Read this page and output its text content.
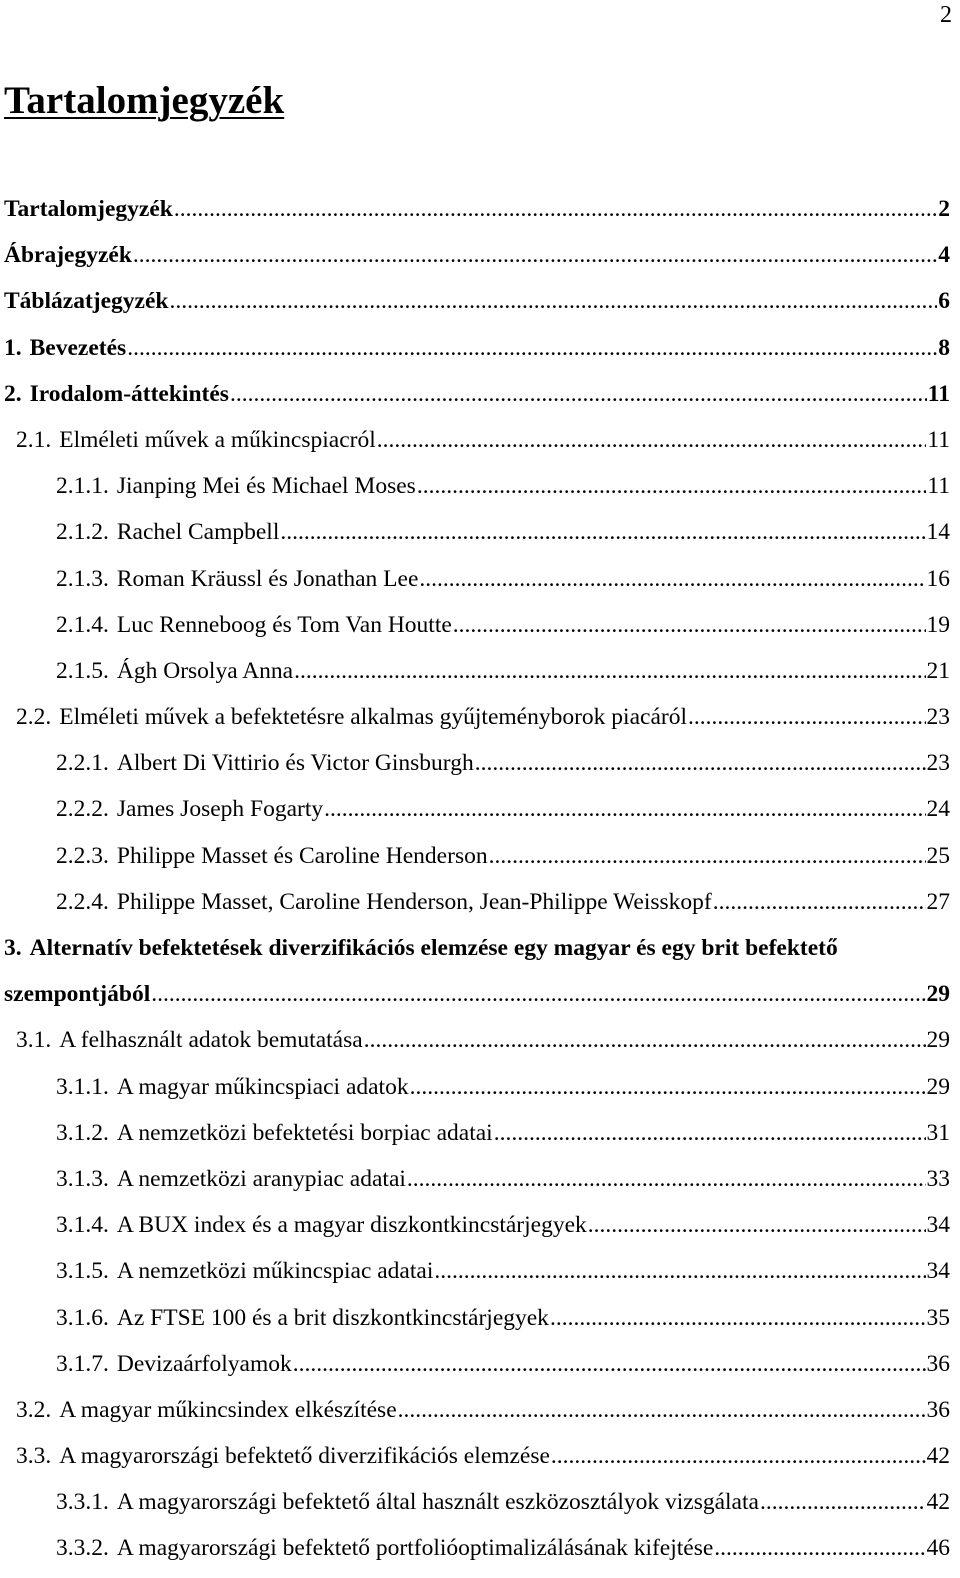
2
Tartalomjegyzék
Tartalomjegyzék .....	2
Ábrajegyzék .....	4
Táblázatjegyzék .....	6
1. Bevezetés .....	8
2. Irodalom-áttekintés .....	11
2.1. Elméleti művek a műkincspiacról .....	11
2.1.1. Jianping Mei és Michael Moses .....	11
2.1.2. Rachel Campbell .....	14
2.1.3. Roman Kräussl és Jonathan Lee .....	16
2.1.4. Luc Renneboog és Tom Van Houtte .....	19
2.1.5. Ágh Orsolya Anna .....	21
2.2. Elméleti művek a befektetésre alkalmas gyűjteményborok piacáról .....	23
2.2.1. Albert Di Vittirio és Victor Ginsburgh .....	23
2.2.2. James Joseph Fogarty .....	24
2.2.3. Philippe Masset és Caroline Henderson .....	25
2.2.4. Philippe Masset, Caroline Henderson, Jean-Philippe Weisskopf .....	27
3. Alternatív befektetések diverzifikációs elemzése egy magyar és egy brit befektető
szempontjából .....	29
3.1. A felhasznált adatok bemutatása .....	29
3.1.1. A magyar műkincspiaci adatok .....	29
3.1.2. A nemzetközi befektetési borpiac adatai .....	31
3.1.3. A nemzetközi aranypiac adatai .....	33
3.1.4. A BUX index és a magyar diszkontkincstárjegyek .....	34
3.1.5. A nemzetközi műkincspiac adatai .....	34
3.1.6. Az FTSE 100 és a brit diszkontkincstárjegyek .....	35
3.1.7. Devizaárfolyamok .....	36
3.2. A magyar műkincsindex elkészítése .....	36
3.3. A magyarországi befektető diverzifikációs elemzése .....	42
3.3.1. A magyarországi befektető által használt eszközosztályok vizsgálata .....	42
3.3.2. A magyarországi befektető portfolióoptimalizálásának kifejtése .....	46
